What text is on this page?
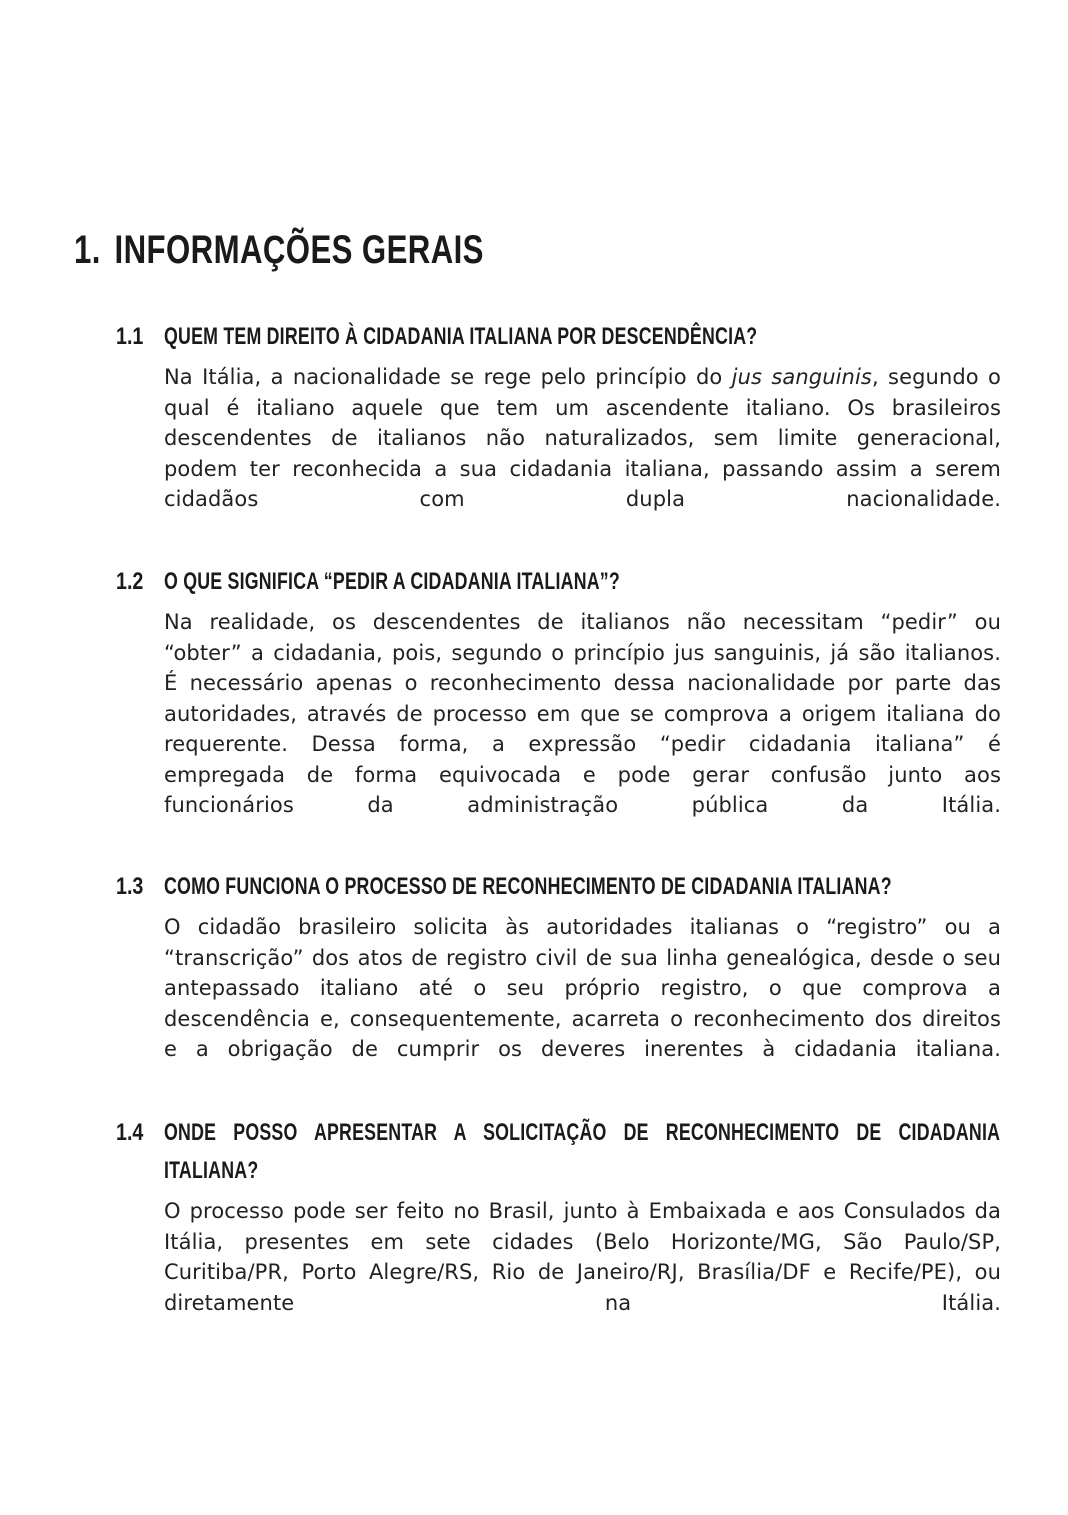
1. INFORMAÇÕES GERAIS
1.1 QUEM TEM DIREITO À CIDADANIA ITALIANA POR DESCENDÊNCIA?
Na Itália, a nacionalidade se rege pelo princípio do jus sanguinis, segundo o qual é italiano aquele que tem um ascendente italiano. Os brasileiros descendentes de italianos não naturalizados, sem limite generacional, podem ter reconhecida a sua cidadania italiana, passando assim a serem cidadãos com dupla nacionalidade.
1.2 O QUE SIGNIFICA “PEDIR A CIDADANIA ITALIANA”?
Na realidade, os descendentes de italianos não necessitam “pedir” ou “obter” a cidadania, pois, segundo o princípio jus sanguinis, já são italianos. É necessário apenas o reconhecimento dessa nacionalidade por parte das autoridades, através de processo em que se comprova a origem italiana do requerente. Dessa forma, a expressão “pedir cidadania italiana” é empregada de forma equivocada e pode gerar confusão junto aos funcionários da administração pública da Itália.
1.3 COMO FUNCIONA O PROCESSO DE RECONHECIMENTO DE CIDADANIA ITALIANA?
O cidadão brasileiro solicita às autoridades italianas o “registro” ou a “transcrição” dos atos de registro civil de sua linha genealógica, desde o seu antepassado italiano até o seu próprio registro, o que comprova a descendência e, consequentemente, acarreta o reconhecimento dos direitos e a obrigação de cumprir os deveres inerentes à cidadania italiana.
1.4 ONDE POSSO APRESENTAR A SOLICITAÇÃO DE RECONHECIMENTO DE CIDADANIA ITALIANA?
O processo pode ser feito no Brasil, junto à Embaixada e aos Consulados da Itália, presentes em sete cidades (Belo Horizonte/MG, São Paulo/SP, Curitiba/PR, Porto Alegre/RS, Rio de Janeiro/RJ, Brasília/DF e Recife/PE), ou diretamente na Itália.
